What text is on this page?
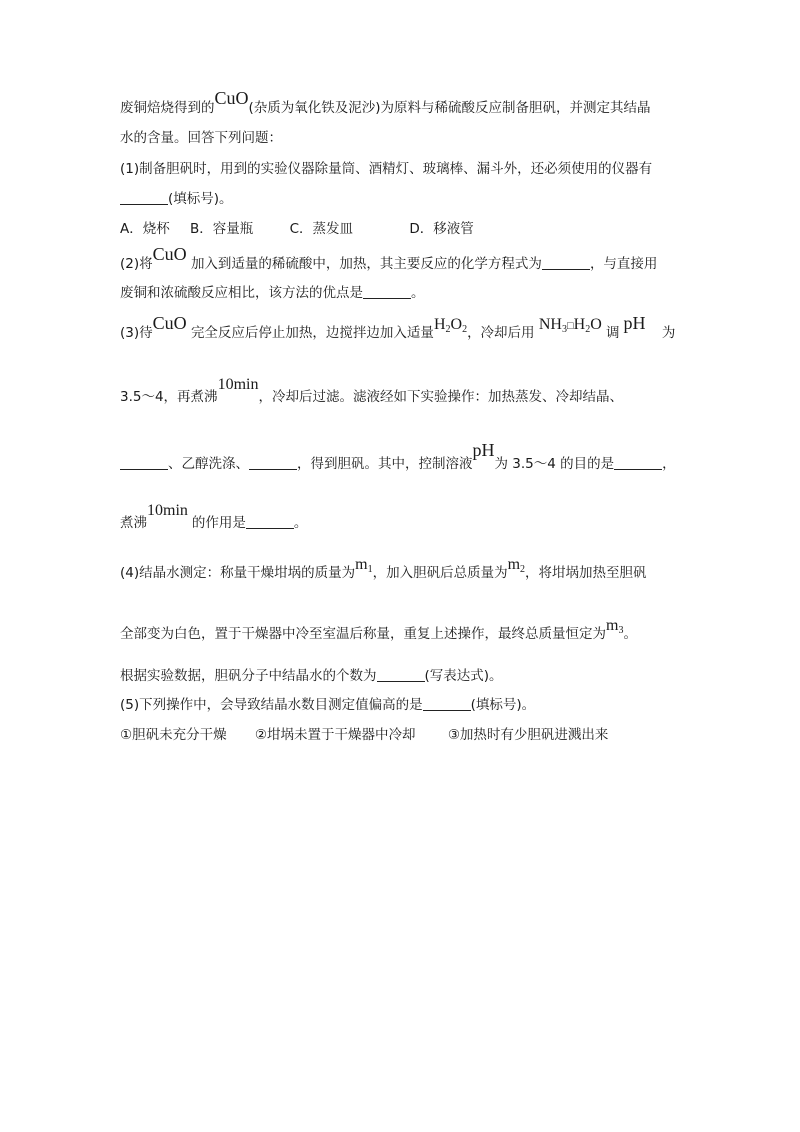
废铜焙烧得到的CuO(杂质为氧化铁及泥沙)为原料与稀硫酸反应制备胆矾，并测定其结晶
水的含量。回答下列问题：
(1)制备胆矾时，用到的实验仪器除量筒、酒精灯、玻璃棒、漏斗外，还必须使用的仪器有
(填标号)。
A．烧杯 B．容量瓶	C．蒸发皿	D．移液管
(2)将CuO 加入到适量的稀硫酸中，加热，其主要反应的化学方程式为	，与直接用
废铜和浓硫酸反应相比，该方法的优点是	。
(3)待CuO 完全反应后停止加热，边搅拌边加入适量$H_2O_2$，冷却后用 $NH_3□H_2O$ 调 pH 为
3.5～4，再煮沸10min，冷却后过滤。滤液经如下实验操作：加热蒸发、冷却结晶、
、乙醇洗涤、	，得到胆矾。其中，控制溶液pH为 3.5～4 的目的是	，
煮沸10min的作用是	。
(4)结晶水测定：称量干燥坩埚的质量为$m_1$，加入胆矾后总质量为$m_2$，将坩埚加热至胆矾
全部变为白色，置于干燥器中冷至室温后称量，重复上述操作，最终总质量恒定为$m_3$。
根据实验数据，胆矾分子中结晶水的个数为	(写表达式)。
(5)下列操作中，会导致结晶水数目测定值偏高的是	(填标号)。
①胆矾未充分干燥 ②坩埚未置于干燥器中冷却 ③加热时有少胆矾进溅出来
